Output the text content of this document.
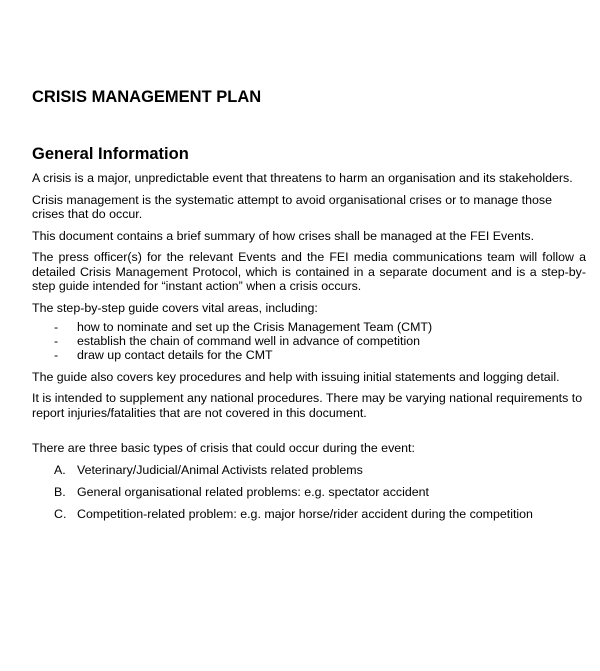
CRISIS MANAGEMENT PLAN
General Information

A crisis is a major, unpredictable event that threatens to harm an organisation and its stakeholders.

Crisis management is the systematic attempt to avoid organisational crises or to manage those crises that do occur.

This document contains a brief summary of how crises shall be managed at the FEI Events.

The press officer(s) for the relevant Events and the FEI media communications team will follow a detailed Crisis Management Protocol, which is contained in a separate document and is a step-by-step guide intended for “instant action” when a crisis occurs.

The step-by-step guide covers vital areas, including:

- how to nominate and set up the Crisis Management Team (CMT)
- establish the chain of command well in advance of competition
- draw up contact details for the CMT

The guide also covers key procedures and help with issuing initial statements and logging detail.

It is intended to supplement any national procedures. There may be varying national requirements to report injuries/fatalities that are not covered in this document.

There are three basic types of crisis that could occur during the event:

A. Veterinary/Judicial/Animal Activists related problems
B. General organisational related problems: e.g. spectator accident
C. Competition-related problem: e.g. major horse/rider accident during the competition
